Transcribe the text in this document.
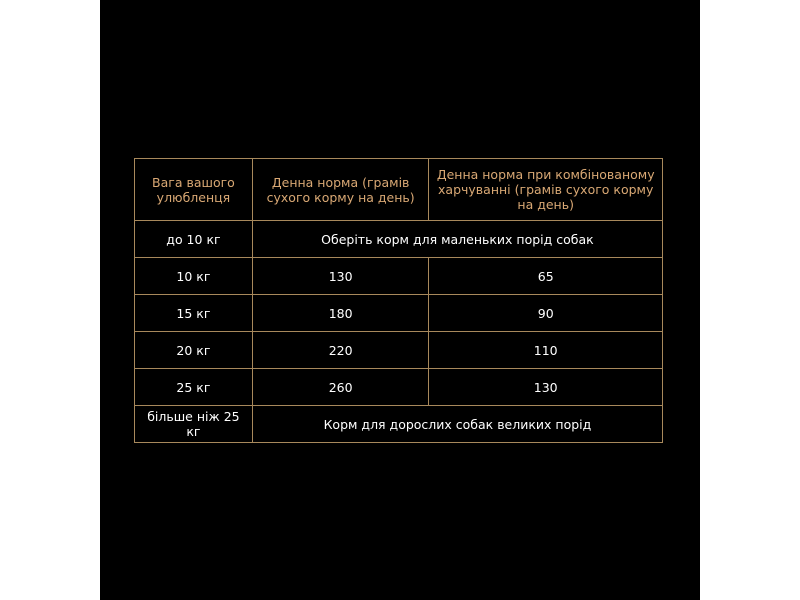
Вага вашого улюбленця	Денна норма (грамів сухого корму на день)	Денна норма при комбінованому харчуванні (грамів сухого корму на день)
до 10 кг	Оберіть корм для маленьких порід собак	
10 кг	130	65
15 кг	180	90
20 кг	220	110
25 кг	260	130
більше ніж 25 кг	Корм для дорослих собак великих порід	
